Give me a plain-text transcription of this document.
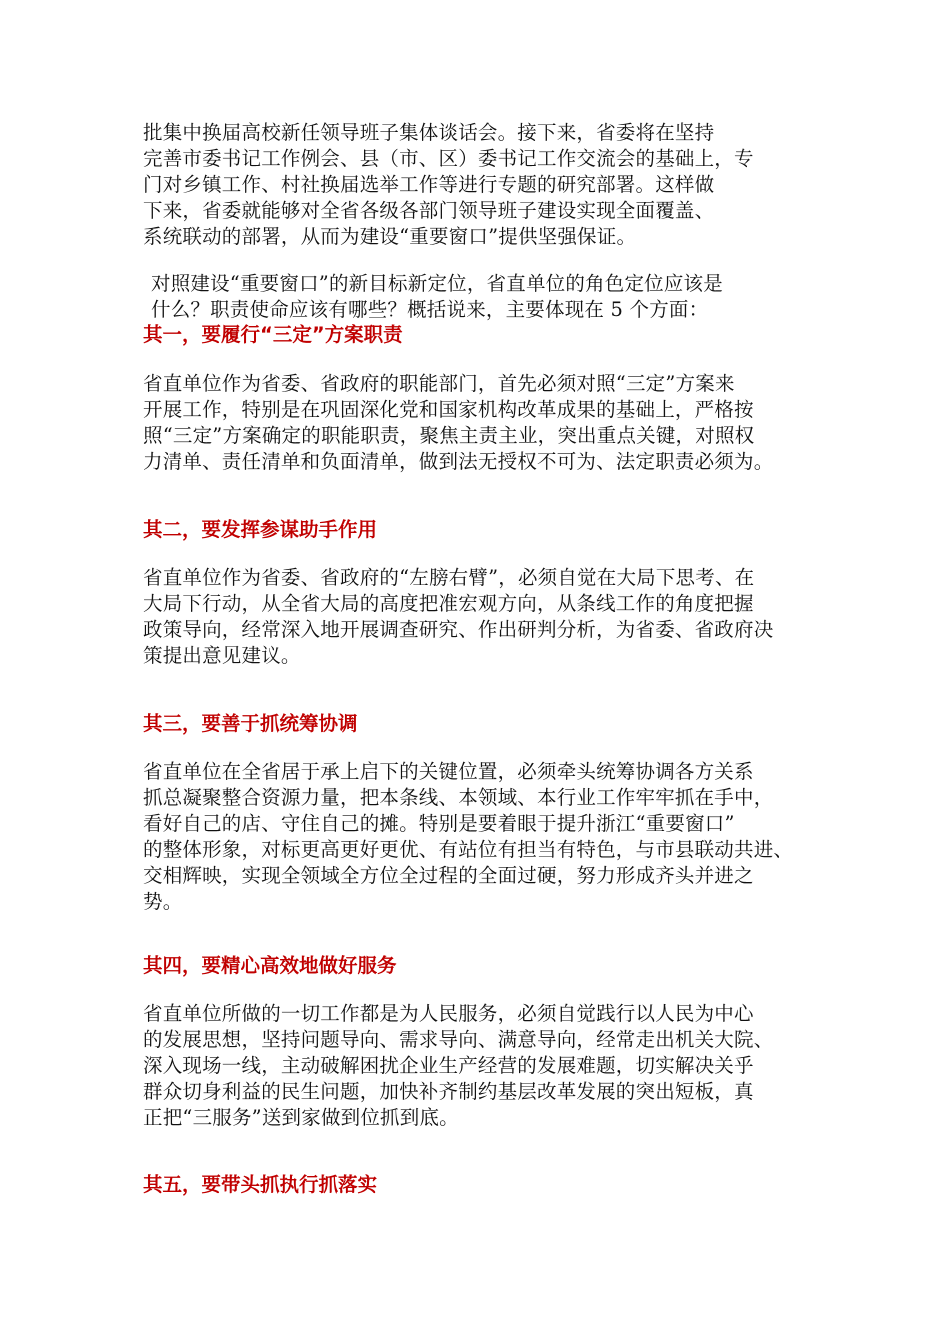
批集中换届高校新任领导班子集体谈话会。接下来，省委将在坚持
完善市委书记工作例会、县（市、区）委书记工作交流会的基础上，专
门对乡镇工作、村社换届选举工作等进行专题的研究部署。这样做
下来，省委就能够对全省各级各部门领导班子建设实现全面覆盖、
系统联动的部署，从而为建设“重要窗口”提供坚强保证。
对照建设“重要窗口”的新目标新定位，省直单位的角色定位应该是
什么？职责使命应该有哪些？概括说来，主要体现在 5 个方面：
其一，要履行“三定”方案职责
省直单位作为省委、省政府的职能部门，首先必须对照“三定”方案来
开展工作，特别是在巩固深化党和国家机构改革成果的基础上，严格按
照“三定”方案确定的职能职责，聚焦主责主业，突出重点关键，对照权
力清单、责任清单和负面清单，做到法无授权不可为、法定职责必须为。
其二，要发挥参谋助手作用
省直单位作为省委、省政府的“左膀右臂”，必须自觉在大局下思考、在
大局下行动，从全省大局的高度把准宏观方向，从条线工作的角度把握
政策导向，经常深入地开展调查研究、作出研判分析，为省委、省政府决
策提出意见建议。
其三，要善于抓统筹协调
省直单位在全省居于承上启下的关键位置，必须牵头统筹协调各方关系
抓总凝聚整合资源力量，把本条线、本领域、本行业工作牢牢抓在手中，
看好自己的店、守住自己的摊。特别是要着眼于提升浙江“重要窗口”
的整体形象，对标更高更好更优、有站位有担当有特色，与市县联动共进、
交相辉映，实现全领域全方位全过程的全面过硬，努力形成齐头并进之
势。
其四，要精心高效地做好服务
省直单位所做的一切工作都是为人民服务，必须自觉践行以人民为中心
的发展思想，坚持问题导向、需求导向、满意导向，经常走出机关大院、
深入现场一线，主动破解困扰企业生产经营的发展难题，切实解决关乎
群众切身利益的民生问题，加快补齐制约基层改革发展的突出短板，真
正把“三服务”送到家做到位抓到底。
其五，要带头抓执行抓落实
